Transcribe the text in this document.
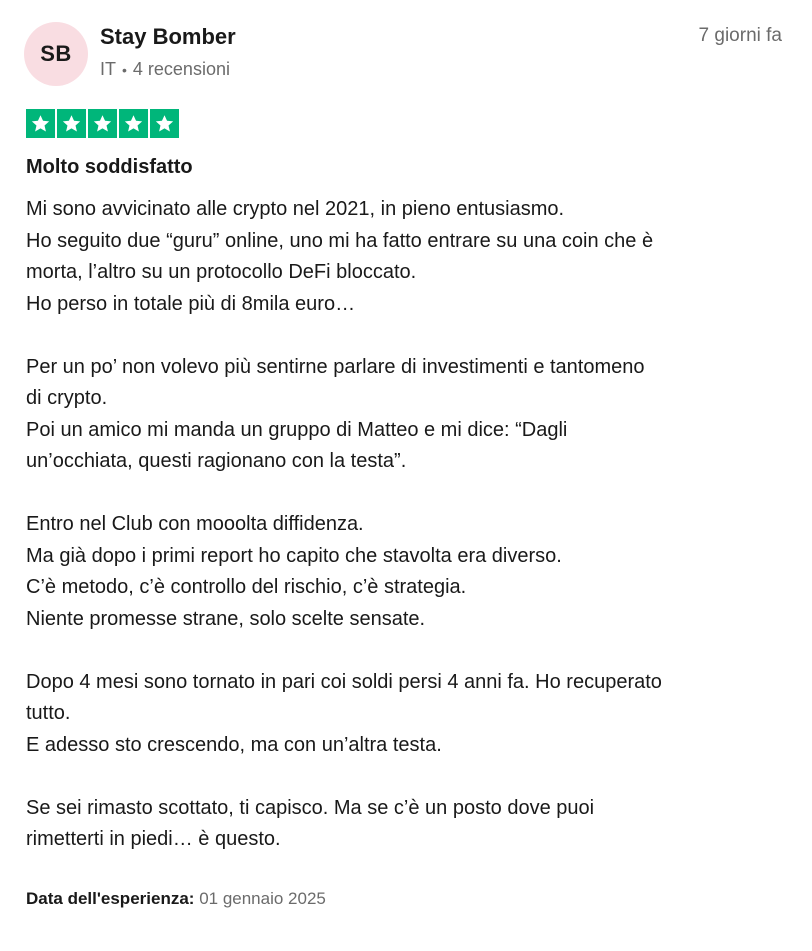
SB
Stay Bomber
IT • 4 recensioni
7 giorni fa
Molto soddisfatto

Mi sono avvicinato alle crypto nel 2021, in pieno entusiasmo.

Ho seguito due “guru” online, uno mi ha fatto entrare su una coin che è

morta, l’altro su un protocollo DeFi bloccato.

Ho perso in totale più di 8mila euro…

Per un po’ non volevo più sentirne parlare di investimenti e tantomeno

di crypto.

Poi un amico mi manda un gruppo di Matteo e mi dice: “Dagli

un’occhiata, questi ragionano con la testa”.

Entro nel Club con mooolta diffidenza.

Ma già dopo i primi report ho capito che stavolta era diverso.

C’è metodo, c’è controllo del rischio, c’è strategia.

Niente promesse strane, solo scelte sensate.

Dopo 4 mesi sono tornato in pari coi soldi persi 4 anni fa. Ho recuperato

tutto.

E adesso sto crescendo, ma con un’altra testa.

Se sei rimasto scottato, ti capisco. Ma se c’è un posto dove puoi

rimetterti in piedi… è questo.

Data dell'esperienza: 01 gennaio 2025
